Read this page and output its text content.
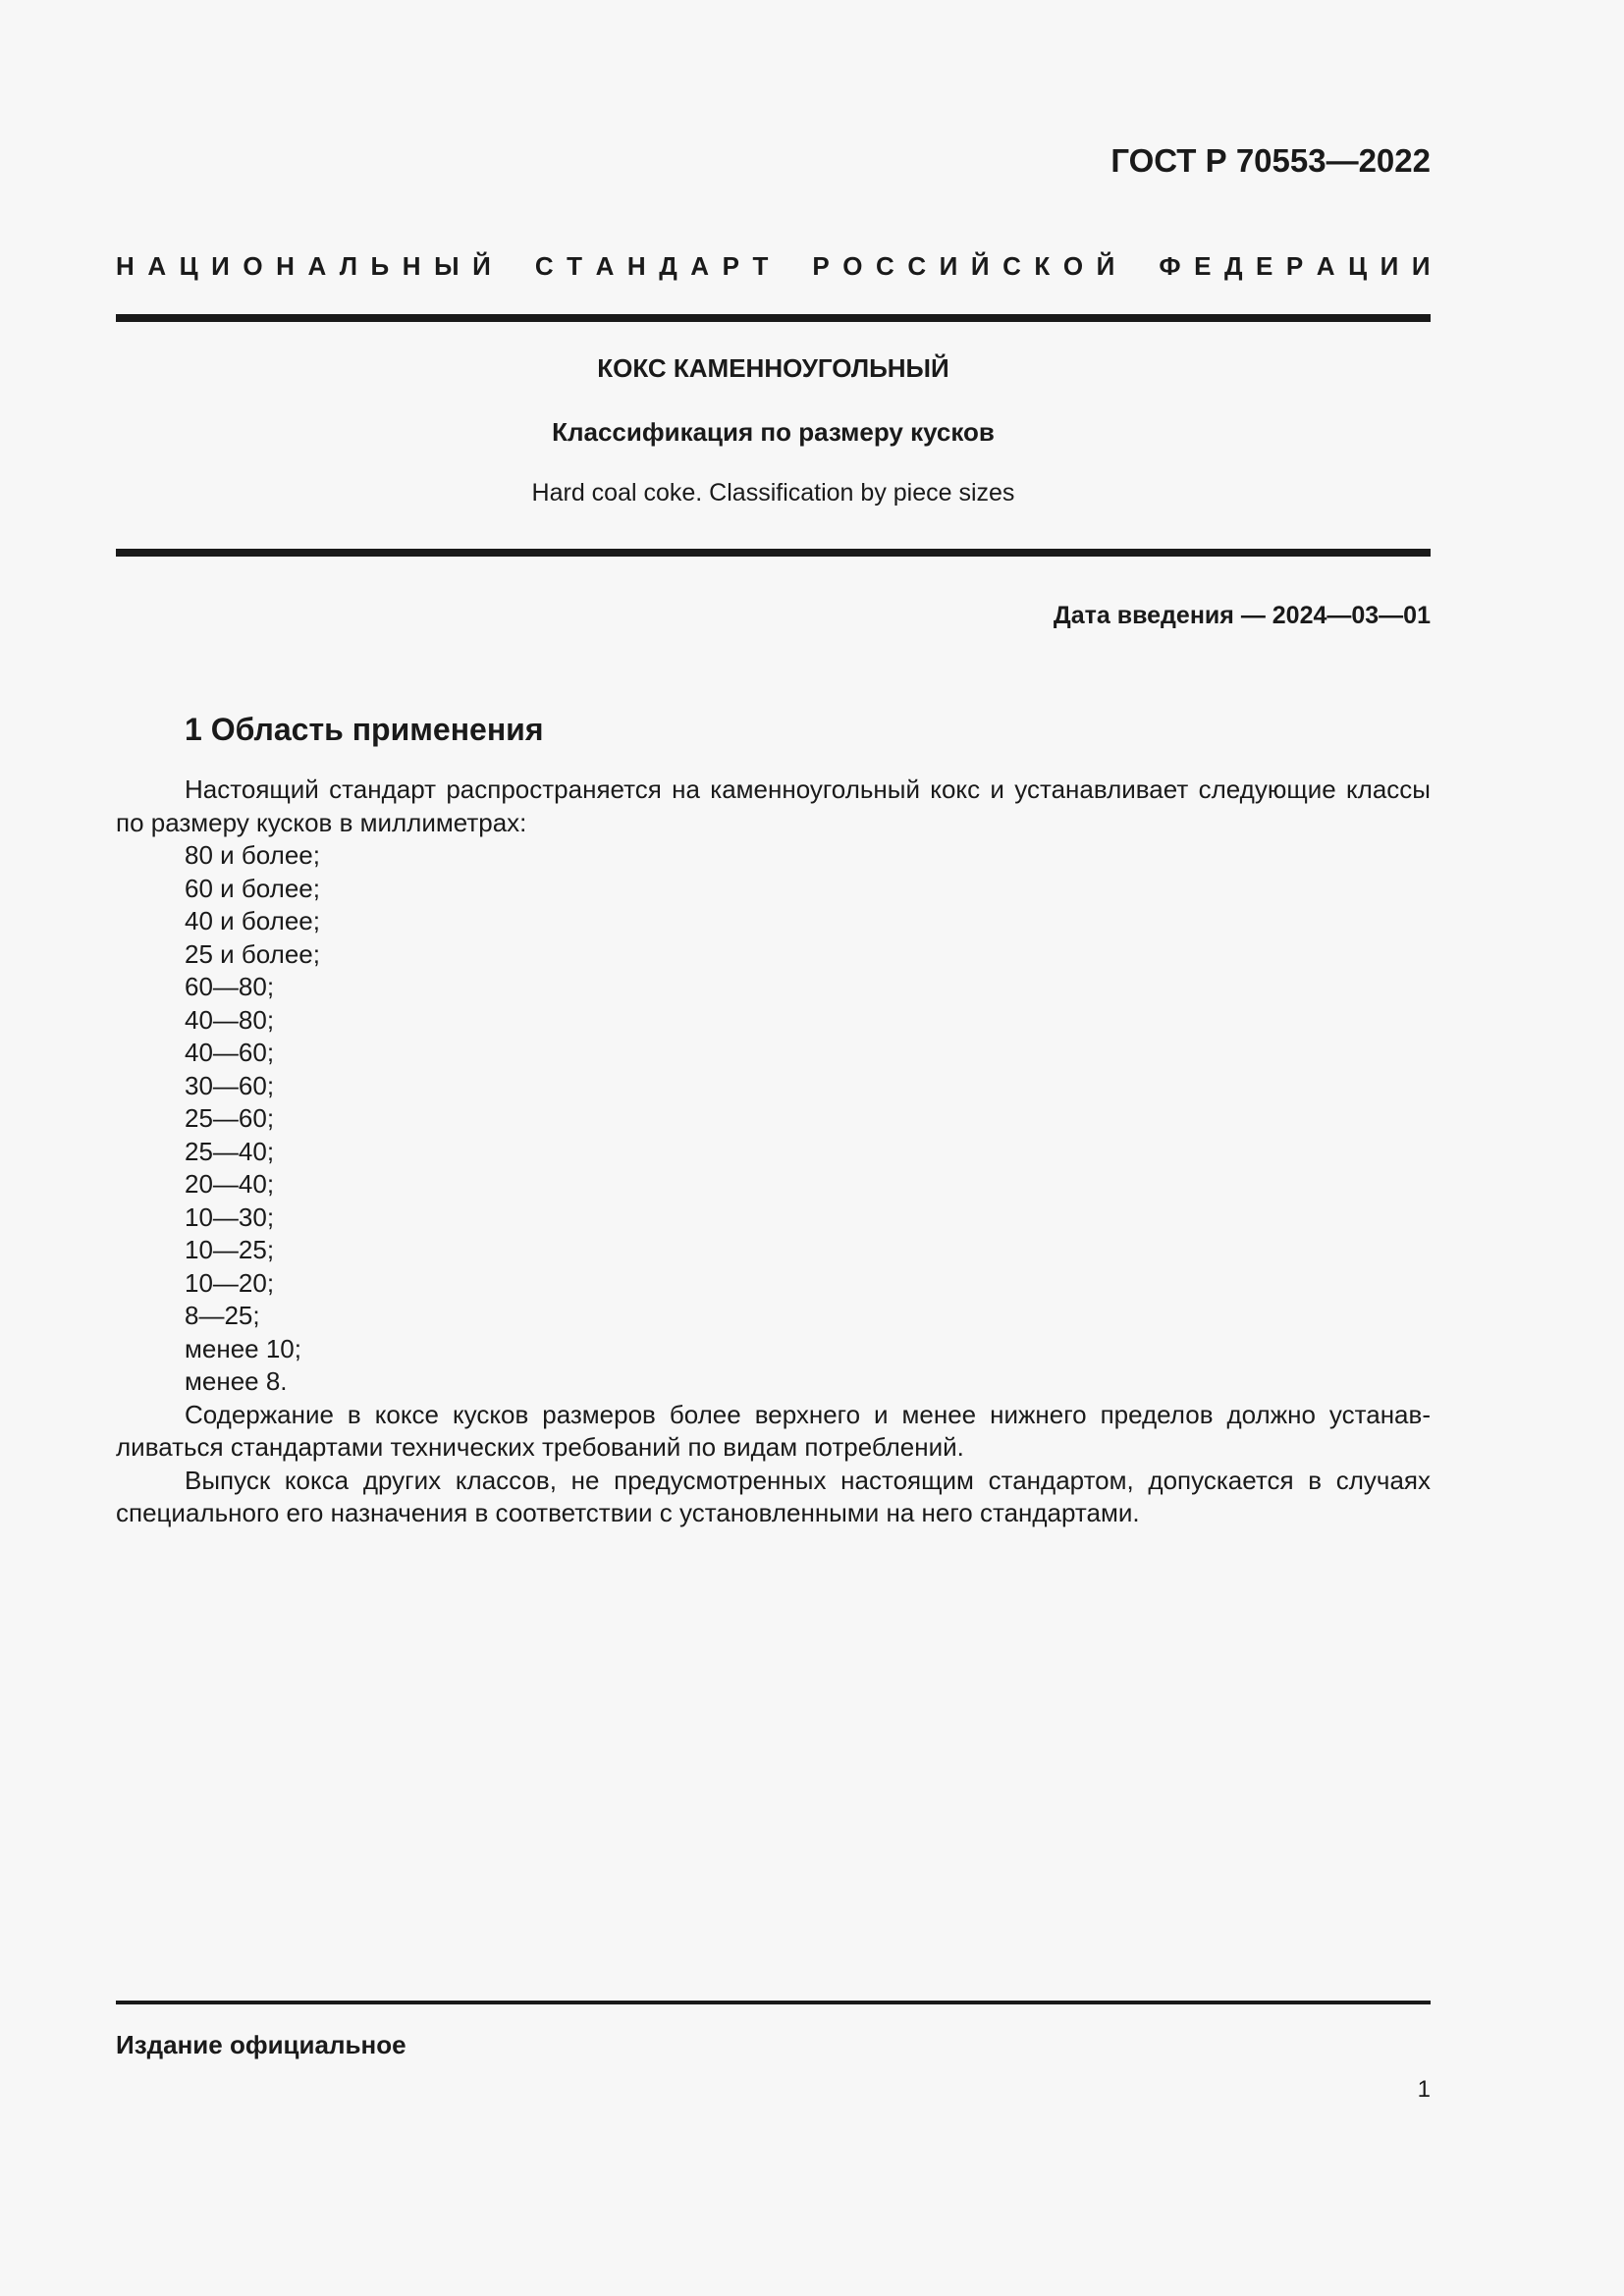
ГОСТ Р 70553—2022
Н А Ц И О Н А Л Ь Н Ы Й С Т А Н Д А Р Т Р О С С И Й С К О Й Ф Е Д Е Р А Ц И И
КОКС КАМЕННОУГОЛЬНЫЙ
Классификация по размеру кусков
Hard coal coke. Classification by piece sizes
Дата введения — 2024—03—01
1 Область применения

Настоящий стандарт распространяется на каменноугольный кокс и устанавливает следующие классы по размеру кусков в миллиметрах:

80 и более;
60 и более;
40 и более;
25 и более;
60—80;
40—80;
40—60;
30—60;
25—60;
25—40;
20—40;
10—30;
10—25;
10—20;
8—25;
менее 10;
менее 8.

Содержание в коксе кусков размеров более верхнего и менее нижнего пределов должно устанавливаться стандартами технических требований по видам потреблений.

Выпуск кокса других классов, не предусмотренных настоящим стандартом, допускается в случаях специального его назначения в соответствии с установленными на него стандартами.

Издание официальное
1
